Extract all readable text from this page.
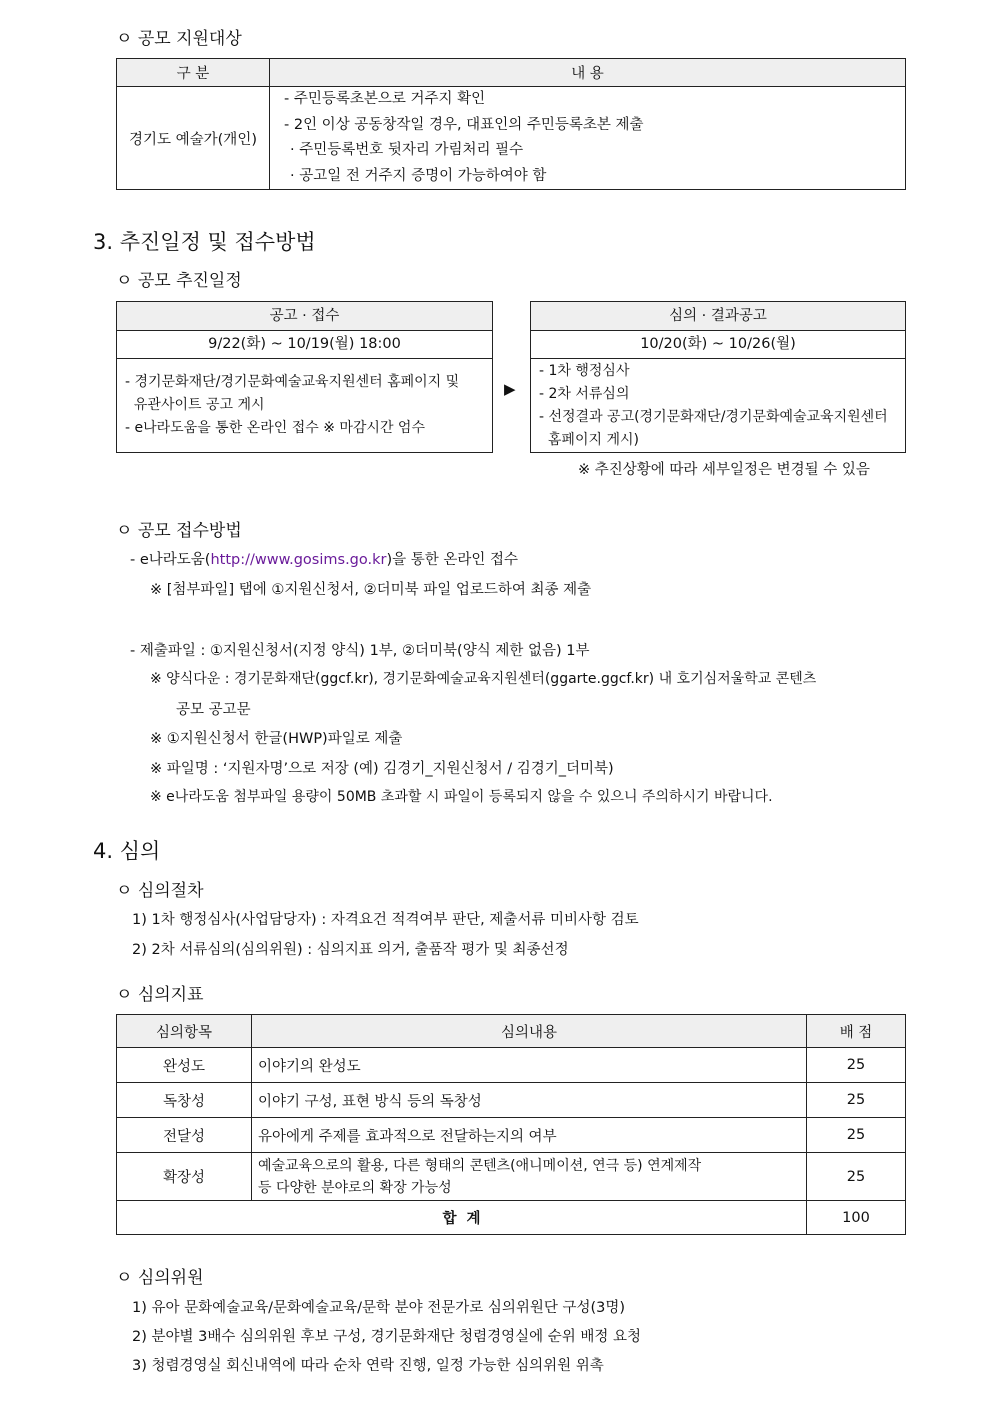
ㅇ 공모 지원대상
구 분	내 용
경기도 예술가(개인)	- 주민등록초본으로 거주지 확인
- 2인 이상 공동창작일 경우, 대표인의 주민등록초본 제출
· 주민등록번호 뒷자리 가림처리 필수
· 공고일 전 거주지 증명이 가능하여야 함
3. 추진일정 및 접수방법
ㅇ 공모 추진일정
공고 · 접수
9/22(화) ~ 10/19(월) 18:00
- 경기문화재단/경기문화예술교육지원센터 홈페이지 및
유관사이트 공고 게시
- e나라도움을 통한 온라인 접수 ※ 마감시간 엄수
▶
심의 · 결과공고
10/20(화) ~ 10/26(월)
- 1차 행정심사
- 2차 서류심의
- 선정결과 공고(경기문화재단/경기문화예술교육지원센터
홈페이지 게시)
※ 추진상황에 따라 세부일정은 변경될 수 있음
ㅇ 공모 접수방법
- e나라도움(http://www.gosims.go.kr)을 통한 온라인 접수
※ [첨부파일] 탭에 ①지원신청서, ②더미북 파일 업로드하여 최종 제출
- 제출파일 : ①지원신청서(지정 양식) 1부, ②더미북(양식 제한 없음) 1부
※ 양식다운 : 경기문화재단(ggcf.kr), 경기문화예술교육지원센터(ggarte.ggcf.kr) 내 호기심저울학교 콘텐츠
공모 공고문
※ ①지원신청서 한글(HWP)파일로 제출
※ 파일명 : ‘지원자명’으로 저장 (예) 김경기_지원신청서 / 김경기_더미북)
※ e나라도움 첨부파일 용량이 50MB 초과할 시 파일이 등록되지 않을 수 있으니 주의하시기 바랍니다.
4. 심의
ㅇ 심의절차
1) 1차 행정심사(사업담당자) : 자격요건 적격여부 판단, 제출서류 미비사항 검토
2) 2차 서류심의(심의위원) : 심의지표 의거, 출품작 평가 및 최종선정
ㅇ 심의지표
심의항목	심의내용	배 점
완성도	이야기의 완성도	25
독창성	이야기 구성, 표현 방식 등의 독창성	25
전달성	유아에게 주제를 효과적으로 전달하는지의 여부	25
확장성	예술교육으로의 활용, 다른 형태의 콘텐츠(애니메이션, 연극 등) 연계제작
등 다양한 분야로의 확장 가능성	25
합  계		100
ㅇ 심의위원
1) 유아 문화예술교육/문화예술교육/문학 분야 전문가로 심의위원단 구성(3명)
2) 분야별 3배수 심의위원 후보 구성, 경기문화재단 청렴경영실에 순위 배정 요청
3) 청렴경영실 회신내역에 따라 순차 연락 진행, 일정 가능한 심의위원 위촉
